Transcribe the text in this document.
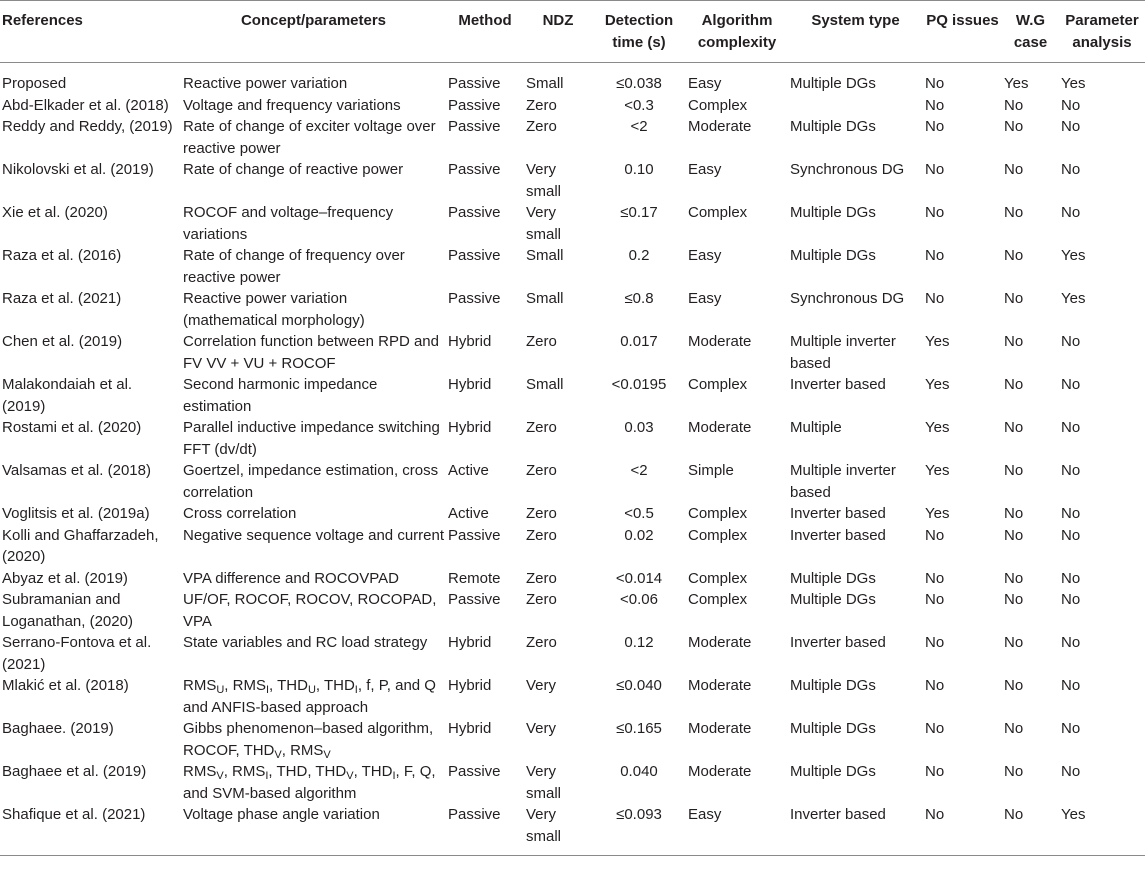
References	Concept/parameters	Method	NDZ	Detection time (s)	Algorithm complexity	System type	PQ issues	W.G case	Parameter analysis
Proposed	Reactive power variation	Passive	Small	≤0.038	Easy	Multiple DGs	No	Yes	Yes
Abd-Elkader et al. (2018)	Voltage and frequency variations	Passive	Zero	<0.3	Complex		No	No	No
Reddy and Reddy, (2019)	Rate of change of exciter voltage over reactive power	Passive	Zero	<2	Moderate	Multiple DGs	No	No	No
Nikolovski et al. (2019)	Rate of change of reactive power	Passive	Very small	0.10	Easy	Synchronous DG	No	No	No
Xie et al. (2020)	ROCOF and voltage–frequency variations	Passive	Very small	≤0.17	Complex	Multiple DGs	No	No	No
Raza et al. (2016)	Rate of change of frequency over reactive power	Passive	Small	0.2	Easy	Multiple DGs	No	No	Yes
Raza et al. (2021)	Reactive power variation (mathematical morphology)	Passive	Small	≤0.8	Easy	Synchronous DG	No	No	Yes
Chen et al. (2019)	Correlation function between RPD and FV VV + VU + ROCOF	Hybrid	Zero	0.017	Moderate	Multiple inverter based	Yes	No	No
Malakondaiah et al. (2019)	Second harmonic impedance estimation	Hybrid	Small	<0.0195	Complex	Inverter based	Yes	No	No
Rostami et al. (2020)	Parallel inductive impedance switching FFT (dv/dt)	Hybrid	Zero	0.03	Moderate	Multiple	Yes	No	No
Valsamas et al. (2018)	Goertzel, impedance estimation, cross correlation	Active	Zero	<2	Simple	Multiple inverter based	Yes	No	No
Voglitsis et al. (2019a)	Cross correlation	Active	Zero	<0.5	Complex	Inverter based	Yes	No	No
Kolli and Ghaffarzadeh, (2020)	Negative sequence voltage and current	Passive	Zero	0.02	Complex	Inverter based	No	No	No
Abyaz et al. (2019)	VPA difference and ROCOVPAD	Remote	Zero	<0.014	Complex	Multiple DGs	No	No	No
Subramanian and Loganathan, (2020)	UF/OF, ROCOF, ROCOV, ROCOPAD, VPA	Passive	Zero	<0.06	Complex	Multiple DGs	No	No	No
Serrano-Fontova et al. (2021)	State variables and RC load strategy	Hybrid	Zero	0.12	Moderate	Inverter based	No	No	No
Mlakić et al. (2018)	$RMS_U$, $RMS_I$, $THD_U$, $THD_I$, f, P, and Q and ANFIS-based approach	Hybrid	Very	≤0.040	Moderate	Multiple DGs	No	No	No
Baghaee. (2019)	Gibbs phenomenon–based algorithm, ROCOF, $THD_V$, $RMS_V$	Hybrid	Very	≤0.165	Moderate	Multiple DGs	No	No	No
Baghaee et al. (2019)	$RMS_V$, $RMS_I$, THD, $THD_V$, $THD_I$, F, Q, and SVM-based algorithm	Passive	Very small	0.040	Moderate	Multiple DGs	No	No	No
Shafique et al. (2021)	Voltage phase angle variation	Passive	Very small	≤0.093	Easy	Inverter based	No	No	Yes
